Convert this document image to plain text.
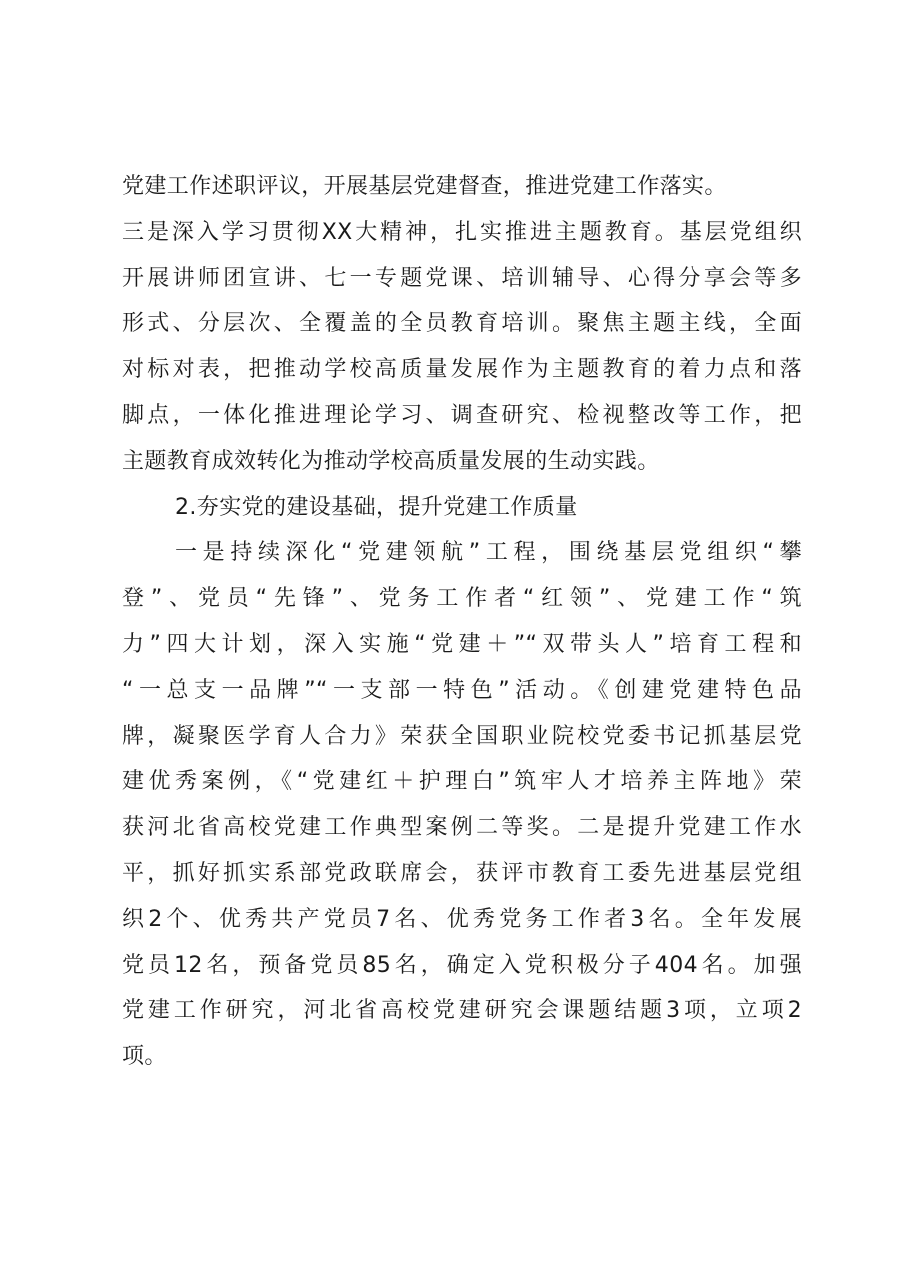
党建工作述职评议，开展基层党建督查，推进党建工作落实。
三是深入学习贯彻XX大精神，扎实推进主题教育。基层党组织
开展讲师团宣讲、七一专题党课、培训辅导、心得分享会等多
形式、分层次、全覆盖的全员教育培训。聚焦主题主线，全面
对标对表，把推动学校高质量发展作为主题教育的着力点和落
脚点，一体化推进理论学习、调查研究、检视整改等工作，把
主题教育成效转化为推动学校高质量发展的生动实践。
2.夯实党的建设基础，提升党建工作质量
一是持续深化“党建领航”工程，围绕基层党组织“攀
登”、党员“先锋”、党务工作者“红领”、党建工作“筑
力”四大计划，深入实施“党建＋”“双带头人”培育工程和
“一总支一品牌”“一支部一特色”活动。《创建党建特色品
牌，凝聚医学育人合力》荣获全国职业院校党委书记抓基层党
建优秀案例，《“党建红＋护理白”筑牢人才培养主阵地》荣
获河北省高校党建工作典型案例二等奖。二是提升党建工作水
平，抓好抓实系部党政联席会，获评市教育工委先进基层党组
织2个、优秀共产党员7名、优秀党务工作者3名。全年发展
党员12名，预备党员85名，确定入党积极分子404名。加强
党建工作研究，河北省高校党建研究会课题结题3项，立项2
项。
